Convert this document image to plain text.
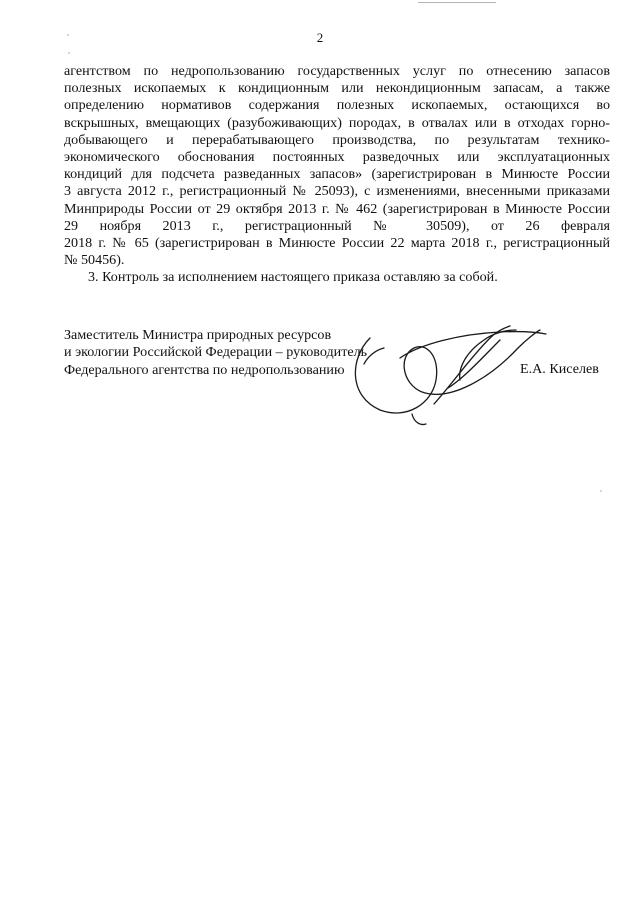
2
агентством по недропользованию государственных услуг по отнесению запасов
полезных ископаемых к кондиционным или некондиционным запасам, а также
определению нормативов содержания полезных ископаемых, остающихся во
вскрышных, вмещающих (разубоживающих) породах, в отвалах или в отходах горно-
добывающего и перерабатывающего производства, по результатам технико-
экономического обоснования постоянных разведочных или эксплуатационных
кондиций для подсчета разведанных запасов» (зарегистрирован в Минюсте России
3 августа 2012 г., регистрационный № 25093), с изменениями, внесенными приказами
Минприроды России от 29 октября 2013 г. № 462 (зарегистрирован в Минюсте России
29 ноября 2013 г., регистрационный № 30509), от 26 февраля
2018 г. № 65 (зарегистрирован в Минюсте России 22 марта 2018 г., регистрационный
№ 50456).
3. Контроль за исполнением настоящего приказа оставляю за собой.
Заместитель Министра природных ресурсов
и экологии Российской Федерации – руководитель
Федерального агентства по недропользованию	Е.А. Киселев
